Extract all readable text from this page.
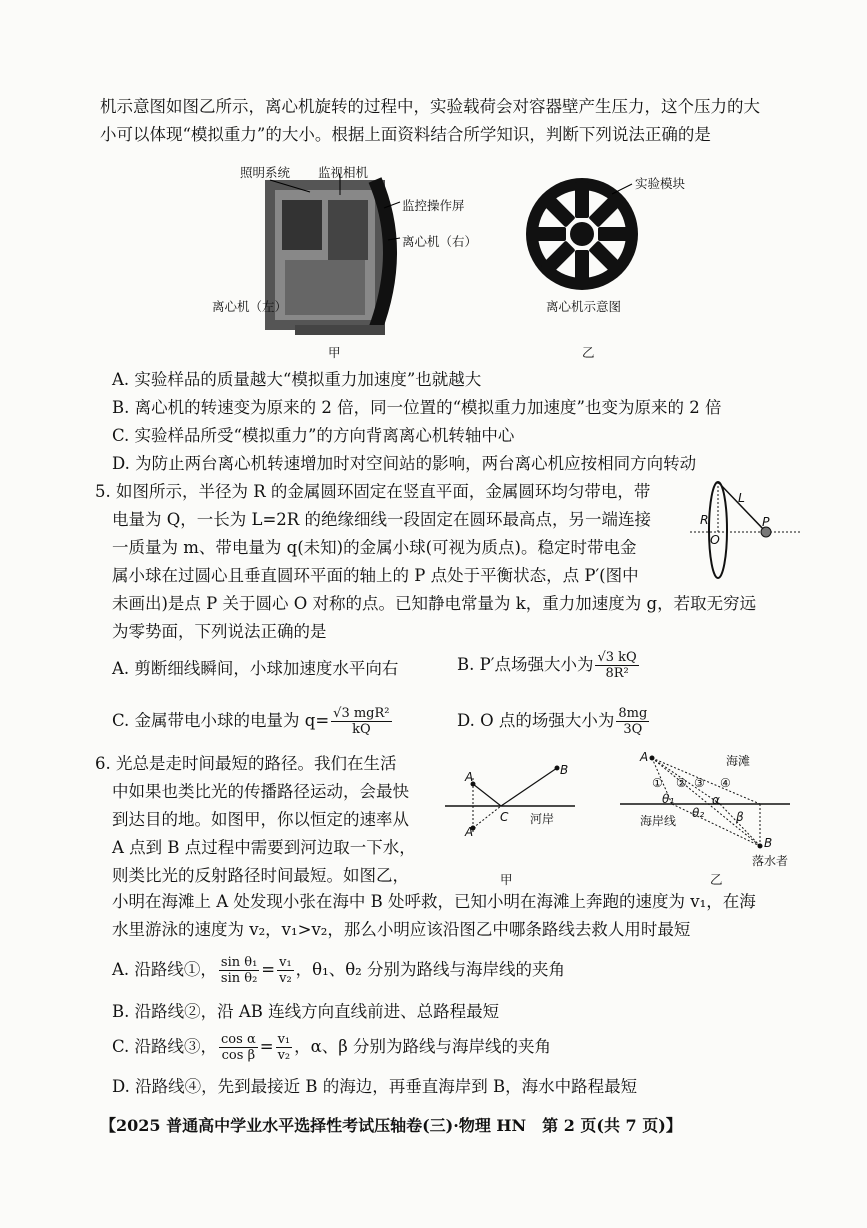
机示意图如图乙所示，离心机旋转的过程中，实验载荷会对容器壁产生压力，这个压力的大
小可以体现“模拟重力”的大小。根据上面资料结合所学知识，判断下列说法正确的是
照明系统 监视相机
监控操作屏
离心机（右）
离心机（左）
甲
实验模块
离心机示意图
乙
A. 实验样品的质量越大“模拟重力加速度”也就越大
B. 离心机的转速变为原来的 2 倍，同一位置的“模拟重力加速度”也变为原来的 2 倍
C. 实验样品所受“模拟重力”的方向背离离心机转轴中心
D. 为防止两台离心机转速增加时对空间站的影响，两台离心机应按相同方向转动
5. 如图所示，半径为 R 的金属圆环固定在竖直平面，金属圆环均匀带电，带
电量为 Q，一长为 L=2R 的绝缘细线一段固定在圆环最高点，另一端连接
一质量为 m、带电量为 q(未知)的金属小球(可视为质点)。稳定时带电金
属小球在过圆心且垂直圆环平面的轴上的 P 点处于平衡状态，点 P′(图中
未画出)是点 P 关于圆心 O 对称的点。已知静电常量为 k，重力加速度为 g，若取无穷远
为零势面，下列说法正确的是
L
R
O
P
A. 剪断细线瞬间，小球加速度水平向右	B. P′点场强大小为 $\frac{√3 kQ}{\text{8R²}}$
C. 金属带电小球的电量为 $q= \frac{\text{√3 mgR²}}{kQ}$	D. O 点的场强大小为 $\frac{8mg}{3Q}$
6. 光总是走时间最短的路径。我们在生活
中如果也类比光的传播路径运动，会最快
到达目的地。如图甲，你以恒定的速率从
A 点到 B 点过程中需要到河边取一下水，
则类比光的反射路径时间最短。如图乙，
小明在海滩上 A 处发现小张在海中 B 处呼救，已知小明在海滩上奔跑的速度为 v₁，在海
水里游泳的速度为 v₂，v₁>v₂，那么小明应该沿图乙中哪条路线去救人用时最短
A	B
A′
C 河岸
甲
A	海滩
① ② ③ ④
θ₁
θ₂
α
β
海岸线
B
落水者
乙
A. 沿路线①， $\frac{\text{sin θ₁}}{\text{sin θ₂}} = \frac{\text{v₁}}{\text{v₂}}$ ，θ₁、θ₂ 分别为路线与海岸线的夹角
B. 沿路线②，沿 AB 连线方向直线前进、总路程最短
C. 沿路线③， $\frac{\text{cos α}}{\text{cos β}} = \frac{\text{v₁}}{\text{v₂}}$ ，α、β 分别为路线与海岸线的夹角
D. 沿路线④，先到最接近 B 的海边，再垂直海岸到 B，海水中路程最短
【2025 普通高中学业水平选择性考试压轴卷(三)·物理 HN　第 2 页(共 7 页)】
